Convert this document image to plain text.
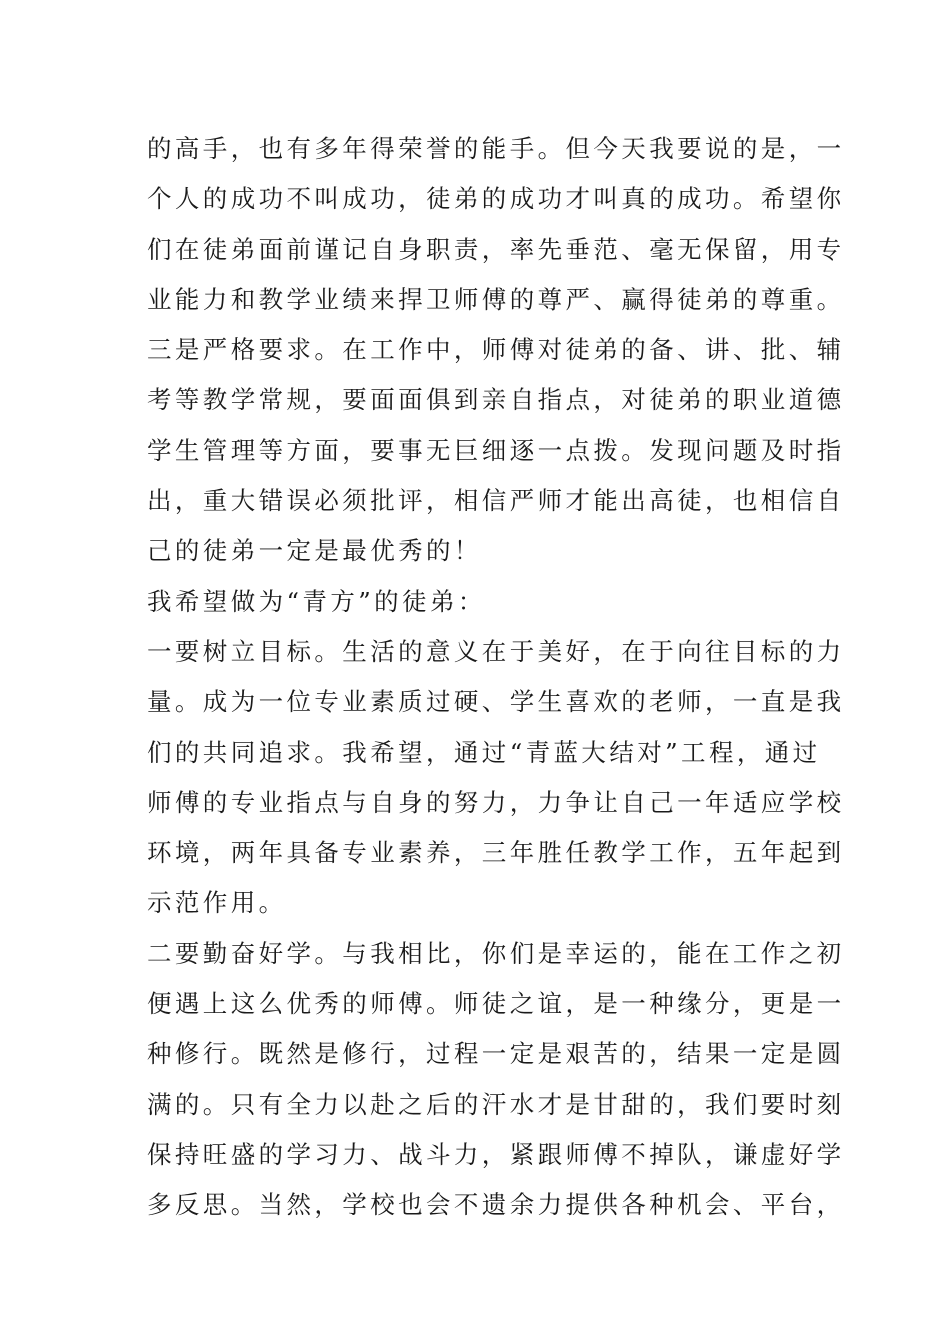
的高手，也有多年得荣誉的能手。但今天我要说的是，一
个人的成功不叫成功，徒弟的成功才叫真的成功。希望你
们在徒弟面前谨记自身职责，率先垂范、毫无保留，用专
业能力和教学业绩来捍卫师傅的尊严、赢得徒弟的尊重。
三是严格要求。在工作中，师傅对徒弟的备、讲、批、辅
考等教学常规，要面面俱到亲自指点，对徒弟的职业道德
学生管理等方面，要事无巨细逐一点拨。发现问题及时指
出，重大错误必须批评，相信严师才能出高徒，也相信自
己的徒弟一定是最优秀的！
我希望做为“青方”的徒弟：
一要树立目标。生活的意义在于美好，在于向往目标的力
量。成为一位专业素质过硬、学生喜欢的老师，一直是我
们的共同追求。我希望，通过“青蓝大结对”工程，通过
师傅的专业指点与自身的努力，力争让自己一年适应学校
环境，两年具备专业素养，三年胜任教学工作，五年起到
示范作用。
二要勤奋好学。与我相比，你们是幸运的，能在工作之初
便遇上这么优秀的师傅。师徒之谊，是一种缘分，更是一
种修行。既然是修行，过程一定是艰苦的，结果一定是圆
满的。只有全力以赴之后的汗水才是甘甜的，我们要时刻
保持旺盛的学习力、战斗力，紧跟师傅不掉队，谦虚好学
多反思。当然，学校也会不遗余力提供各种机会、平台，
